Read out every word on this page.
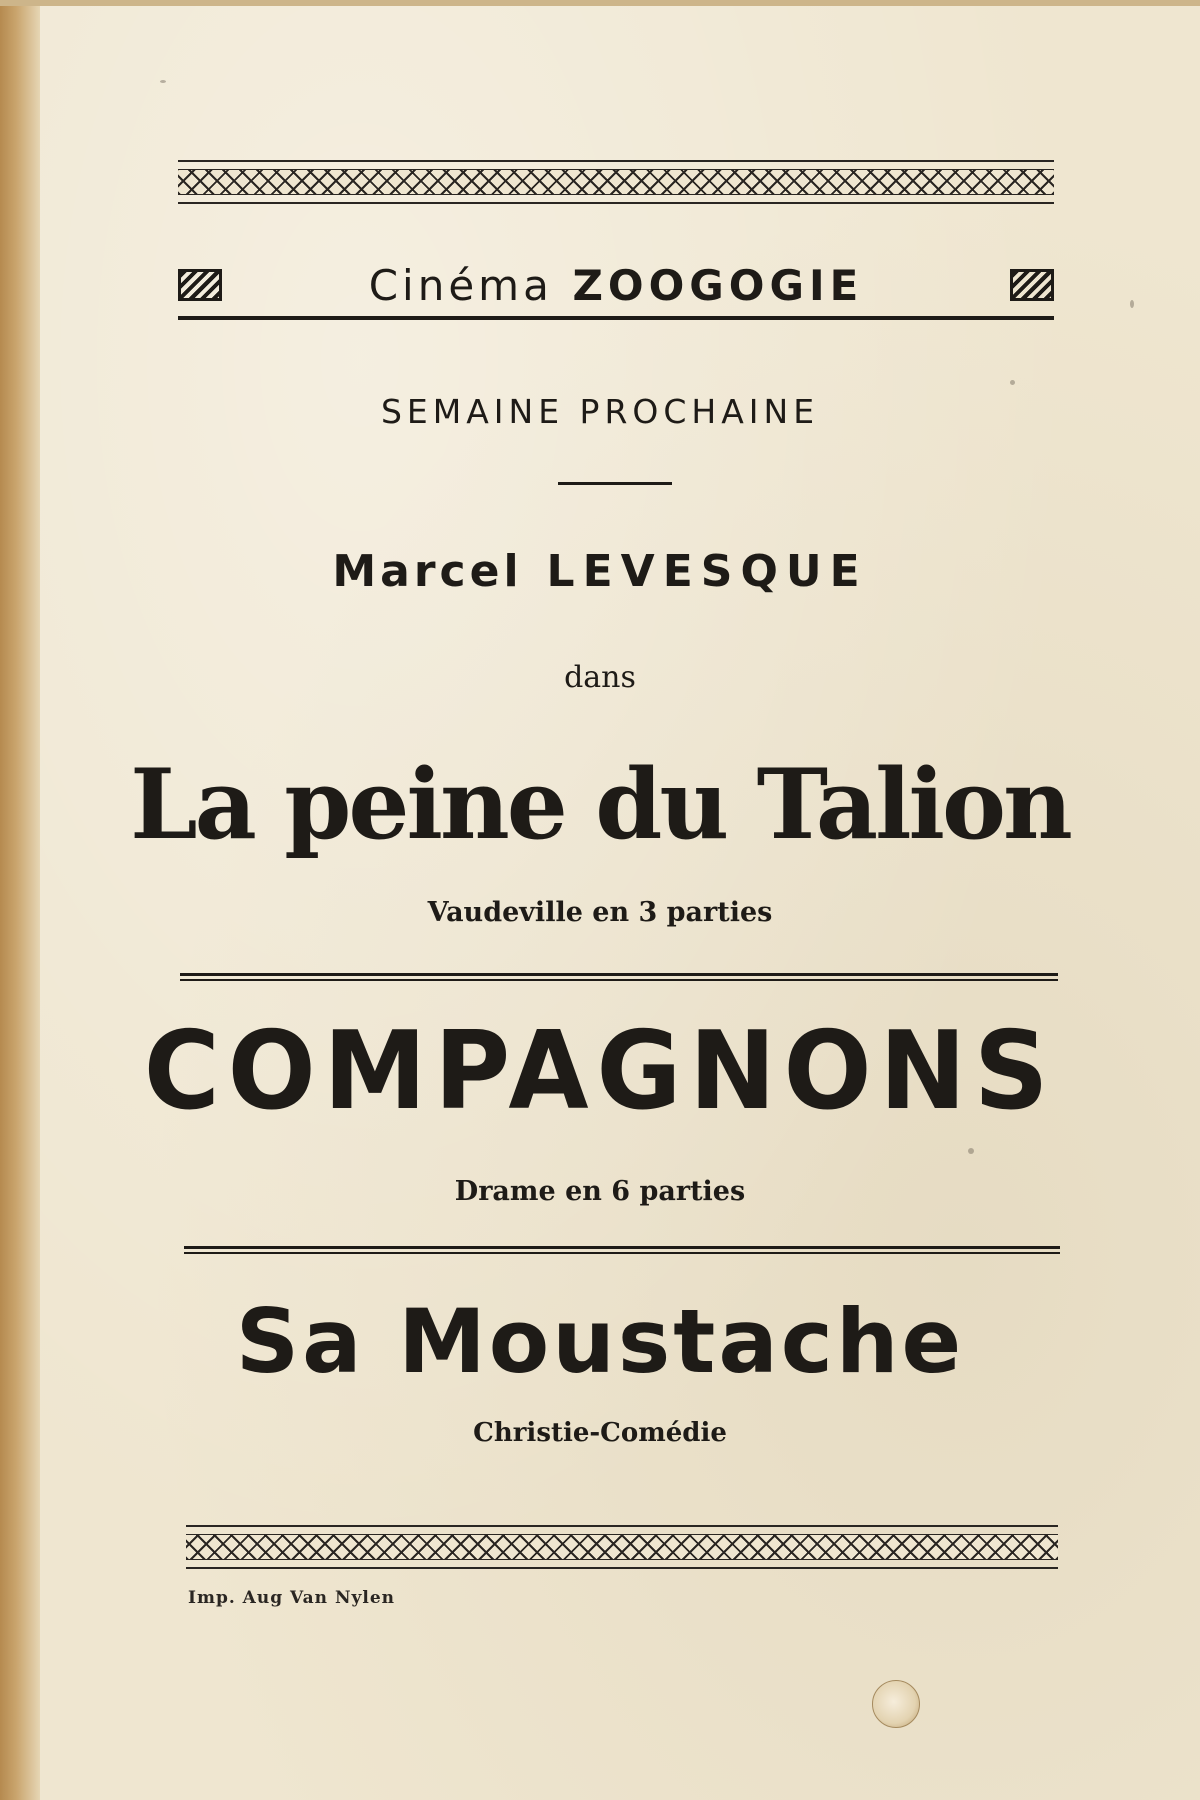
Cinéma ZOOGOGIE
SEMAINE PROCHAINE
Marcel LEVESQUE
dans
La peine du Talion
Vaudeville en 3 parties
COMPAGNONS
Drame en 6 parties
Sa Moustache
Christie-Comédie
Imp. Aug Van Nylen
